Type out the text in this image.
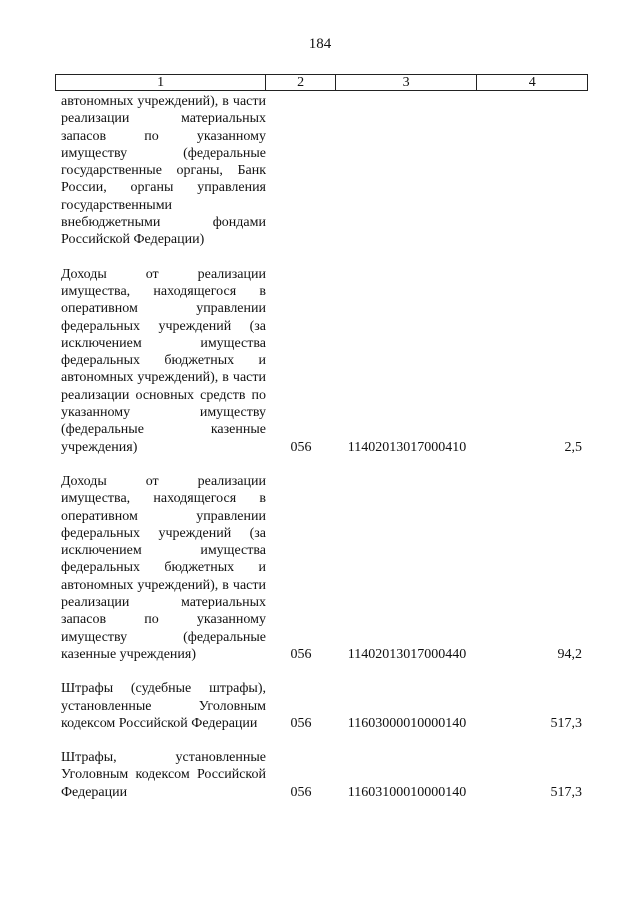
184
1	2	3	4
автономных учреждений), в части реализации материальных запасов по указанному имуществу (федеральные государственные органы, Банк России, органы управления государственными внебюджетными фондами Российской Федерации)
Доходы от реализации имущества, находящегося в оперативном управлении федеральных учреждений (за исключением имущества федеральных бюджетных и автономных учреждений), в части реализации основных средств по указанному имуществу (федеральные казенные учреждения)	056	11402013017000410	2,5
Доходы от реализации имущества, находящегося в оперативном управлении федеральных учреждений (за исключением имущества федеральных бюджетных и автономных учреждений), в части реализации материальных запасов по указанному имуществу (федеральные казенные учреждения)	056	11402013017000440	94,2
Штрафы (судебные штрафы), установленные Уголовным кодексом Российской Федерации	056	11603000010000140	517,3
Штрафы, установленные Уголовным кодексом Российской Федерации	056	11603100010000140	517,3
